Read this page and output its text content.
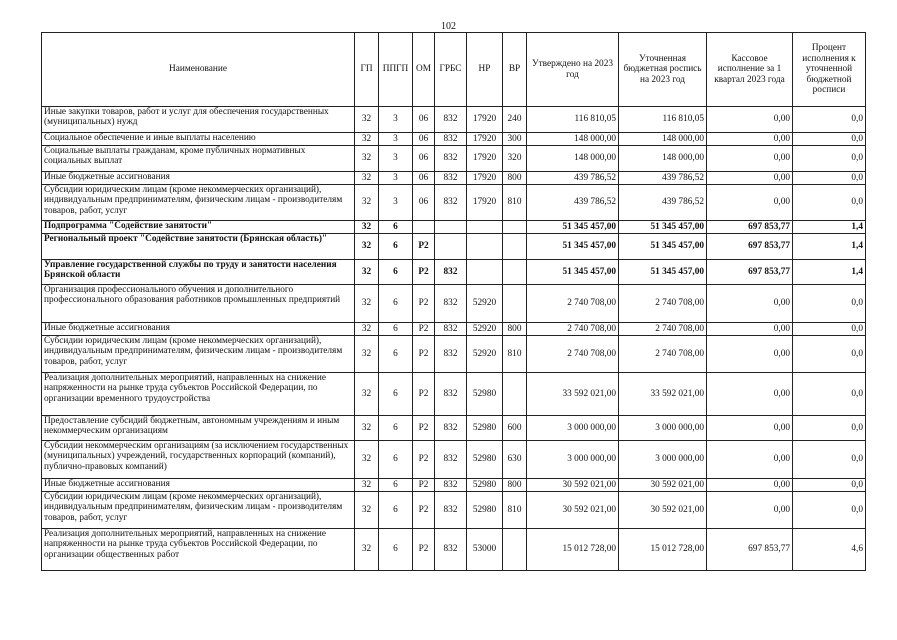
102
Наименование	ГП	ППГП	ОМ	ГРБС	НР	ВР	Утверждено на 2023 год	Уточненная бюджетная роспись на 2023 год	Кассовое исполнение за 1 квартал 2023 года	Процент исполнения к уточненной бюджетной росписи
Иные закупки товаров, работ и услуг для обеспечения государственных (муниципальных) нужд	32	3	06	832	17920	240	116 810,05	116 810,05	0,00	0,0
Социальное обеспечение и иные выплаты населению	32	3	06	832	17920	300	148 000,00	148 000,00	0,00	0,0
Социальные выплаты гражданам, кроме публичных нормативных социальных выплат	32	3	06	832	17920	320	148 000,00	148 000,00	0,00	0,0
Иные бюджетные ассигнования	32	3	06	832	17920	800	439 786,52	439 786,52	0,00	0,0
Субсидии юридическим лицам (кроме некоммерческих организаций), индивидуальным предпринимателям, физическим лицам - производителям товаров, работ, услуг	32	3	06	832	17920	810	439 786,52	439 786,52	0,00	0,0
Подпрограмма "Содействие занятости"	32	6					51 345 457,00	51 345 457,00	697 853,77	1,4
Региональный проект "Содействие занятости (Брянская область)"	32	6	P2				51 345 457,00	51 345 457,00	697 853,77	1,4
Управление государственной службы по труду и занятости населения Брянской области	32	6	P2	832			51 345 457,00	51 345 457,00	697 853,77	1,4
Организация профессионального обучения и дополнительного профессионального образования работников промышленных предприятий	32	6	P2	832	52920		2 740 708,00	2 740 708,00	0,00	0,0
Иные бюджетные ассигнования	32	6	P2	832	52920	800	2 740 708,00	2 740 708,00	0,00	0,0
Субсидии юридическим лицам (кроме некоммерческих организаций), индивидуальным предпринимателям, физическим лицам - производителям товаров, работ, услуг	32	6	P2	832	52920	810	2 740 708,00	2 740 708,00	0,00	0,0
Реализация дополнительных мероприятий, направленных на снижение напряженности на рынке труда субъектов Российской Федерации, по организации временного трудоустройства	32	6	P2	832	52980		33 592 021,00	33 592 021,00	0,00	0,0
Предоставление субсидий бюджетным, автономным учреждениям и иным некоммерческим организациям	32	6	P2	832	52980	600	3 000 000,00	3 000 000,00	0,00	0,0
Субсидии некоммерческим организациям (за исключением государственных (муниципальных) учреждений, государственных корпораций (компаний), публично-правовых компаний)	32	6	P2	832	52980	630	3 000 000,00	3 000 000,00	0,00	0,0
Иные бюджетные ассигнования	32	6	P2	832	52980	800	30 592 021,00	30 592 021,00	0,00	0,0
Субсидии юридическим лицам (кроме некоммерческих организаций), индивидуальным предпринимателям, физическим лицам - производителям товаров, работ, услуг	32	6	P2	832	52980	810	30 592 021,00	30 592 021,00	0,00	0,0
Реализация дополнительных мероприятий, направленных на снижение напряженности на рынке труда субъектов Российской Федерации, по организации общественных работ	32	6	P2	832	53000		15 012 728,00	15 012 728,00	697 853,77	4,6
